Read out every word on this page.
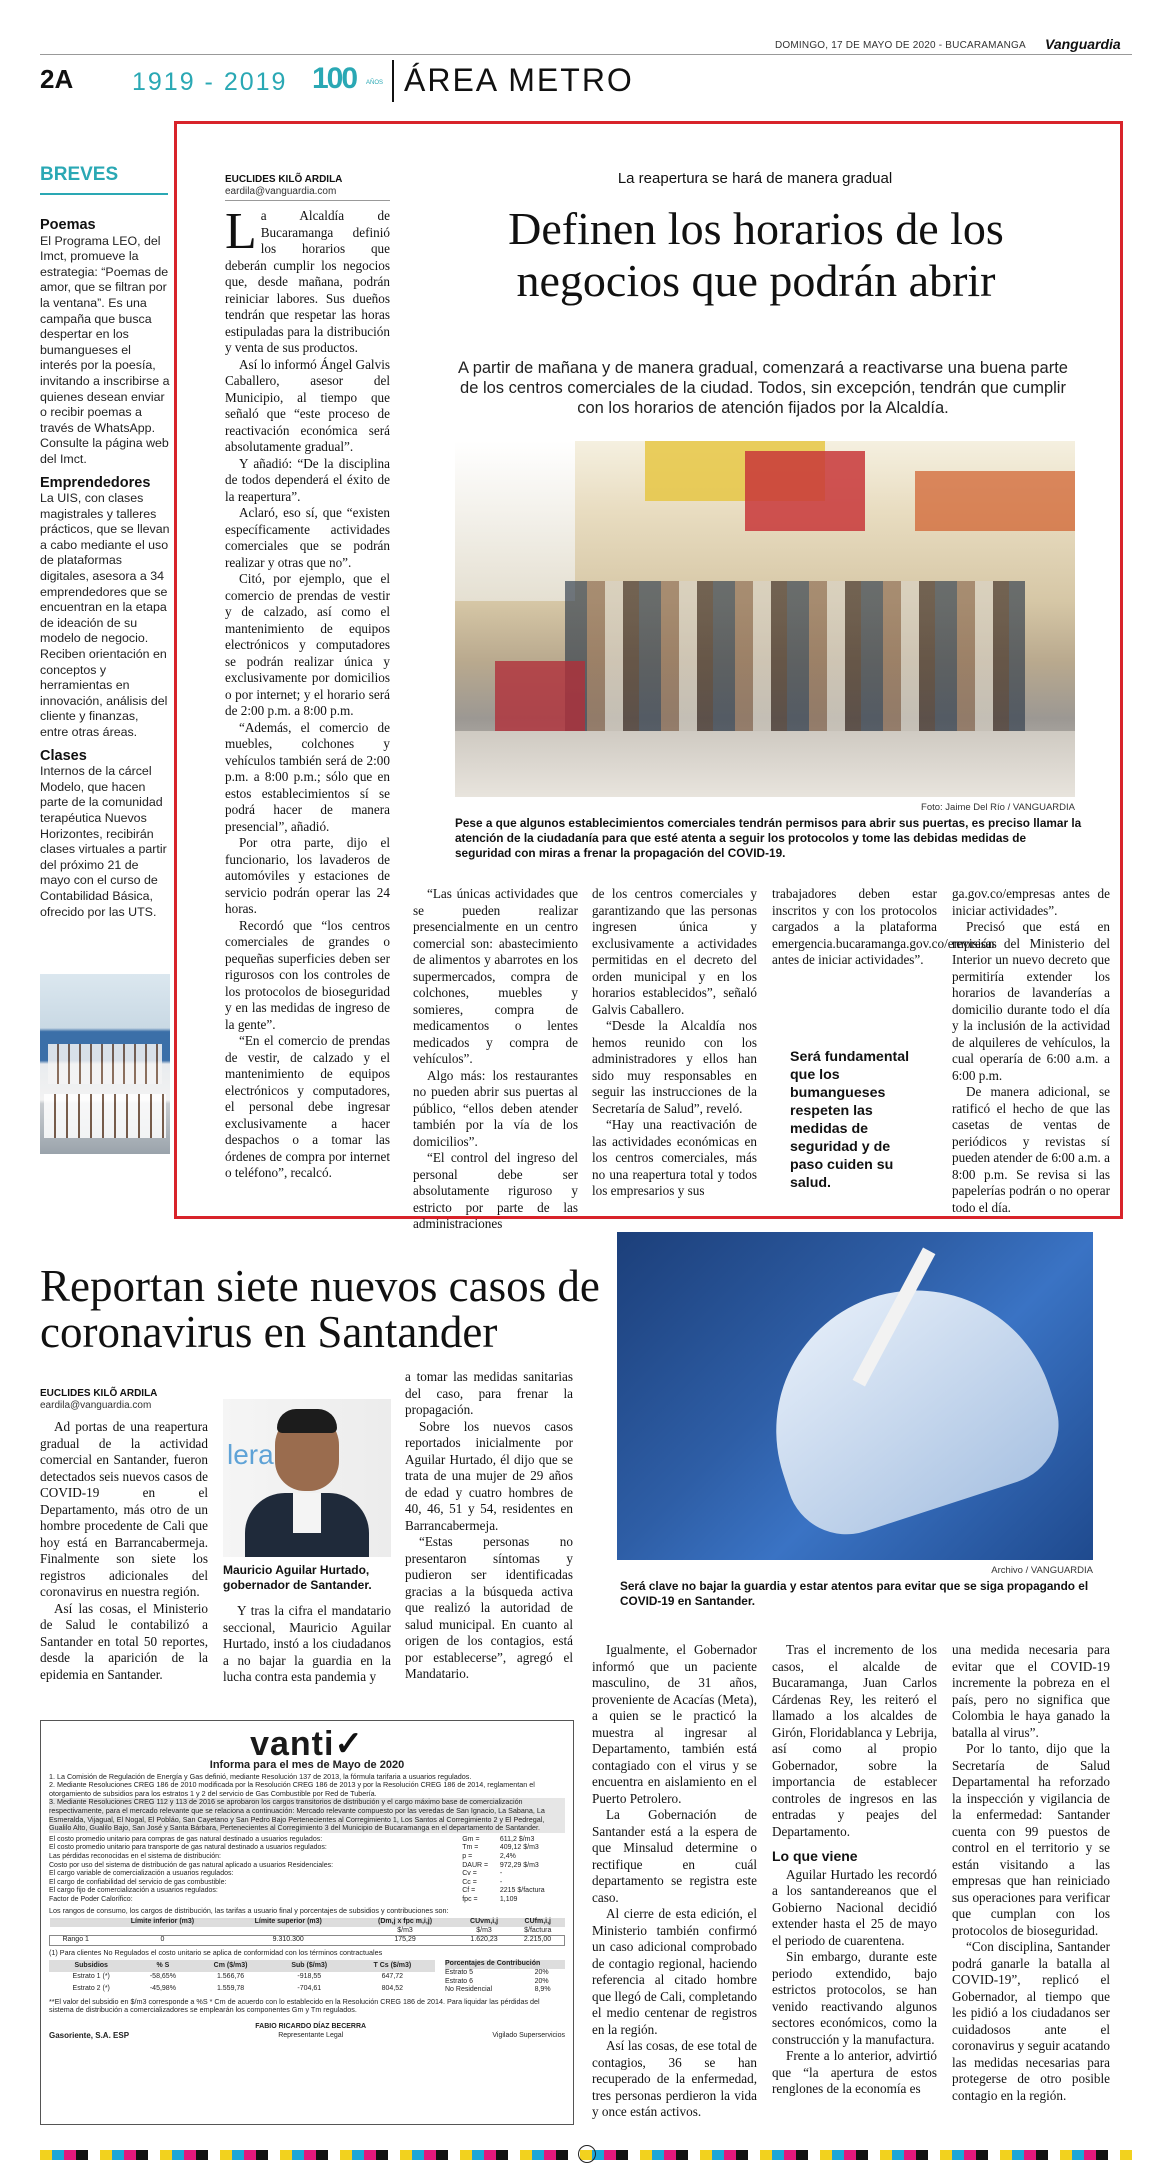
DOMINGO, 17 DE MAYO DE 2020 - BUCARAMANGA Vanguardia
2A 1919 - 2019 100 AÑOS ÁREA METRO
BREVES
Poemas
El Programa LEO, del Imct, promueve la estrategia: “Poemas de amor, que se filtran por la ventana”. Es una campaña que busca despertar en los bumangueses el interés por la poesía, invitando a inscribirse a quienes desean enviar o recibir poemas a través de WhatsApp. Consulte la página web del Imct.
Emprendedores
La UIS, con clases magistrales y talleres prácticos, que se llevan a cabo mediante el uso de plataformas digitales, asesora a 34 emprendedores que se encuentran en la etapa de ideación de su modelo de negocio. Reciben orientación en conceptos y herramientas en innovación, análisis del cliente y finanzas, entre otras áreas.
Clases
Internos de la cárcel Modelo, que hacen parte de la comunidad terapéutica Nuevos Horizontes, recibirán clases virtuales a partir del próximo 21 de mayo con el curso de Contabilidad Básica, ofrecido por las UTS.
EUCLIDES KILÕ ARDILA
eardila@vanguardia.com

La Alcaldía de Bucaramanga definió los horarios que deberán cumplir los negocios que, desde mañana, podrán reiniciar labores. Sus dueños tendrán que respetar las horas estipuladas para la distribución y venta de sus productos.

Así lo informó Ángel Galvis Caballero, asesor del Municipio, al tiempo que señaló que “este proceso de reactivación económica será absolutamente gradual”.

Y añadió: “De la disciplina de todos dependerá el éxito de la reapertura”.

Aclaró, eso sí, que “existen específicamente actividades comerciales que se podrán realizar y otras que no”.

Citó, por ejemplo, que el comercio de prendas de vestir y de calzado, así como el mantenimiento de equipos electrónicos y computadores se podrán realizar única y exclusivamente por domicilios o por internet; y el horario será de 2:00 p.m. a 8:00 p.m.

“Además, el comercio de muebles, colchones y vehículos también será de 2:00 p.m. a 8:00 p.m.; sólo que en estos establecimientos sí se podrá hacer de manera presencial”, añadió.

Por otra parte, dijo el funcionario, los lavaderos de automóviles y estaciones de servicio podrán operar las 24 horas.

Recordó que “los centros comerciales de grandes o pequeñas superficies deben ser rigurosos con los controles de los protocolos de bioseguridad y en las medidas de ingreso de la gente”.

“En el comercio de prendas de vestir, de calzado y el mantenimiento de equipos electrónicos y computadores, el personal debe ingresar exclusivamente a hacer despachos o a tomar las órdenes de compra por internet o teléfono”, recalcó.

La reapertura se hará de manera gradual
Definen los horarios de los negocios que podrán abrir
A partir de mañana y de manera gradual, comenzará a reactivarse una buena parte de los centros comerciales de la ciudad. Todos, sin excepción, tendrán que cumplir con los horarios de atención fijados por la Alcaldía.
Foto: Jaime Del Río / VANGUARDIA
Pese a que algunos establecimientos comerciales tendrán permisos para abrir sus puertas, es preciso llamar la atención de la ciudadanía para que esté atenta a seguir los protocolos y tome las debidas medidas de seguridad con miras a frenar la propagación del COVID-19.

“Las únicas actividades que se pueden realizar presencialmente en un centro comercial son: abastecimiento de alimentos y abarrotes en los supermercados, compra de colchones, muebles y somieres, compra de medicamentos o lentes medicados y compra de vehículos”.

Algo más: los restaurantes no pueden abrir sus puertas al público, “ellos deben atender también por la vía de los domicilios”.

“El control del ingreso del personal debe ser absolutamente riguroso y estricto por parte de las administraciones

de los centros comerciales y garantizando que las personas ingresen única y exclusivamente a actividades permitidas en el decreto del orden municipal y en los horarios establecidos”, señaló Galvis Caballero.

“Desde la Alcaldía nos hemos reunido con los administradores y ellos han sido muy responsables en seguir las instrucciones de la Secretaría de Salud”, reveló.

“Hay una reactivación de las actividades económicas en los centros comerciales, más no una reapertura total y todos los empresarios y sus

trabajadores deben estar inscritos y con los protocolos cargados a la plataforma emergencia.bucaramanga.gov.co/empresas antes de iniciar actividades”.

Será fundamental que los bumangueses respeten las medidas de seguridad y de paso cuiden su salud.

ga.gov.co/empresas antes de iniciar actividades”.

Precisó que está en revisión del Ministerio del Interior un nuevo decreto que permitiría extender los horarios de lavanderías a domicilio durante todo el día y la inclusión de la actividad de alquileres de vehículos, la cual operaría de 6:00 a.m. a 6:00 p.m.

De manera adicional, se ratificó el hecho de que las casetas de ventas de periódicos y revistas sí pueden atender de 6:00 a.m. a 8:00 p.m. Se revisa si las papelerías podrán o no operar todo el día.

Reportan siete nuevos casos de coronavirus en Santander
EUCLIDES KILÕ ARDILA
eardila@vanguardia.com

Ad portas de una reapertura gradual de la actividad comercial en Santander, fueron detectados seis nuevos casos de COVID-19 en el Departamento, más otro de un hombre procedente de Cali que hoy está en Barrancabermeja. Finalmente son siete los registros adicionales del coronavirus en nuestra región.

Así las cosas, el Ministerio de Salud le contabilizó a Santander en total 50 reportes, desde la aparición de la epidemia en Santander.

lera
Mauricio Aguilar Hurtado,
gobernador de Santander.

Y tras la cifra el mandatario seccional, Mauricio Aguilar Hurtado, instó a los ciudadanos a no bajar la guardia en la lucha contra esta pandemia y

a tomar las medidas sanitarias del caso, para frenar la propagación.

Sobre los nuevos casos reportados inicialmente por Aguilar Hurtado, él dijo que se trata de una mujer de 29 años de edad y cuatro hombres de 40, 46, 51 y 54, residentes en Barrancabermeja.

“Estas personas no presentaron síntomas y pudieron ser identificadas gracias a la búsqueda activa que realizó la autoridad de salud municipal. En cuanto al origen de los contagios, está por establecerse”, agregó el Mandatario.

Archivo / VANGUARDIA
Será clave no bajar la guardia y estar atentos para evitar que se siga propagando el COVID-19 en Santander.

Igualmente, el Gobernador informó que un paciente masculino, de 31 años, proveniente de Acacías (Meta), a quien se le practicó la muestra al ingresar al Departamento, también está contagiado con el virus y se encuentra en aislamiento en el Puerto Petrolero.

La Gobernación de Santander está a la espera de que Minsalud determine o rectifique en cuál departamento se registra este caso.

Al cierre de esta edición, el Ministerio también confirmó un caso adicional comprobado de contagio regional, haciendo referencia al citado hombre que llegó de Cali, completando el medio centenar de registros en la región.

Así las cosas, de ese total de contagios, 36 se han recuperado de la enfermedad, tres personas perdieron la vida y once están activos.

Tras el incremento de los casos, el alcalde de Bucaramanga, Juan Carlos Cárdenas Rey, les reiteró el llamado a los alcaldes de Girón, Floridablanca y Lebrija, así como al propio Gobernador, sobre la importancia de establecer controles de ingresos en las entradas y peajes del Departamento.

Lo que viene

Aguilar Hurtado les recordó a los santandereanos que el Gobierno Nacional decidió extender hasta el 25 de mayo el periodo de cuarentena.

Sin embargo, durante este periodo extendido, bajo estrictos protocolos, se han venido reactivando algunos sectores económicos, como la construcción y la manufactura.

Frente a lo anterior, advirtió que “la apertura de estos renglones de la economía es

una medida necesaria para evitar que el COVID-19 incremente la pobreza en el país, pero no significa que Colombia le haya ganado la batalla al virus”.

Por lo tanto, dijo que la Secretaría de Salud Departamental ha reforzado la inspección y vigilancia de la enfermedad: Santander cuenta con 99 puestos de control en el territorio y se están visitando a las empresas que han reiniciado sus operaciones para verificar que cumplan con los protocolos de bioseguridad.

“Con disciplina, Santander podrá ganarle la batalla al COVID-19”, replicó el Gobernador, al tiempo que les pidió a los ciudadanos ser cuidadosos ante el coronavirus y seguir acatando las medidas necesarias para protegerse de otro posible contagio en la región.

vanti✓
Informa para el mes de Mayo de 2020
1. La Comisión de Regulación de Energía y Gas definió, mediante Resolución 137 de 2013, la fórmula tarifaria a usuarios regulados.
2. Mediante Resoluciones CREG 186 de 2010 modificada por la Resolución CREG 186 de 2013 y por la Resolución CREG 186 de 2014, reglamentan el otorgamiento de subsidios para los estratos 1 y 2 del servicio de Gas Combustible por Red de Tubería.
3. Mediante Resoluciones CREG 112 y 113 de 2016 se aprobaron los cargos transitorios de distribución y el cargo máximo base de comercialización respectivamente, para el mercado relevante que se relaciona a continuación: Mercado relevante compuesto por las veredas de San Ignacio, La Sabana, La Esmeralda, Vijagual, El Nogal, El Pobláo, San Cayetano y San Pedro Bajo Pertenecientes al Corregimiento 1, Los Santos al Corregimiento 2 y El Pedregal, Gualilo Alto, Gualilo Bajo, San José y Santa Bárbara, Pertenecientes al Corregimiento 3 del Municipio de Bucaramanga en el departamento de Santander.
El costo promedio unitario para compras de gas natural destinado a usuarios regulados:	Gm =	611,2 $/m3
El costo promedio unitario para transporte de gas natural destinado a usuarios regulados:	Tm =	409,12 $/m3
Las pérdidas reconocidas en el sistema de distribución:	p =	2,4%
Costo por uso del sistema de distribución de gas natural aplicado a usuarios Residenciales:	DAUR =	972,29 $/m3
El cargo variable de comercialización a usuarios regulados:	Cv =	-
El cargo de confiabilidad del servicio de gas combustible:	Cc =	-
El cargo fijo de comercialización a usuarios regulados:	Cf =	2215 $/factura
Factor de Poder Calorífico:	fpc =	1,109
Los rangos de consumo, los cargos de distribución, las tarifas a usuario final y porcentajes de subsidios y contribuciones son:
	Límite inferior (m3)	Límite superior (m3)	(Dm,j x fpc m,i,j)	CUvm,i,j	CUfm,i,j
			$/m3	$/m3	$/factura
Rango 1	0	9.310.300	175,29	1.620,23	2.215,00
(1) Para clientes No Regulados el costo unitario se aplica de conformidad con los términos contractuales
Subsidios	% S	Cm ($/m3)	Sub ($/m3)	T Cs ($/m3)
Estrato 1 (*)	-58,65%	1.566,76	-918,55	647,72
Estrato 2 (*)	-45,98%	1.559,78	-704,61	804,52
Porcentajes de Contribución	
Estrato 5	20%
Estrato 6	20%
No Residencial	8,9%
**El valor del subsidio en $/m3 corresponde a %S * Cm de acuerdo con lo establecido en la Resolución CREG 186 de 2014. Para liquidar las pérdidas del sistema de distribución a comercializadores se emplearán los componentes Gm y Tm regulados.
Gasoriente, S.A. ESP
FABIO RICARDO DÍAZ BECERRA
Representante Legal	Vigilado Superservicios
